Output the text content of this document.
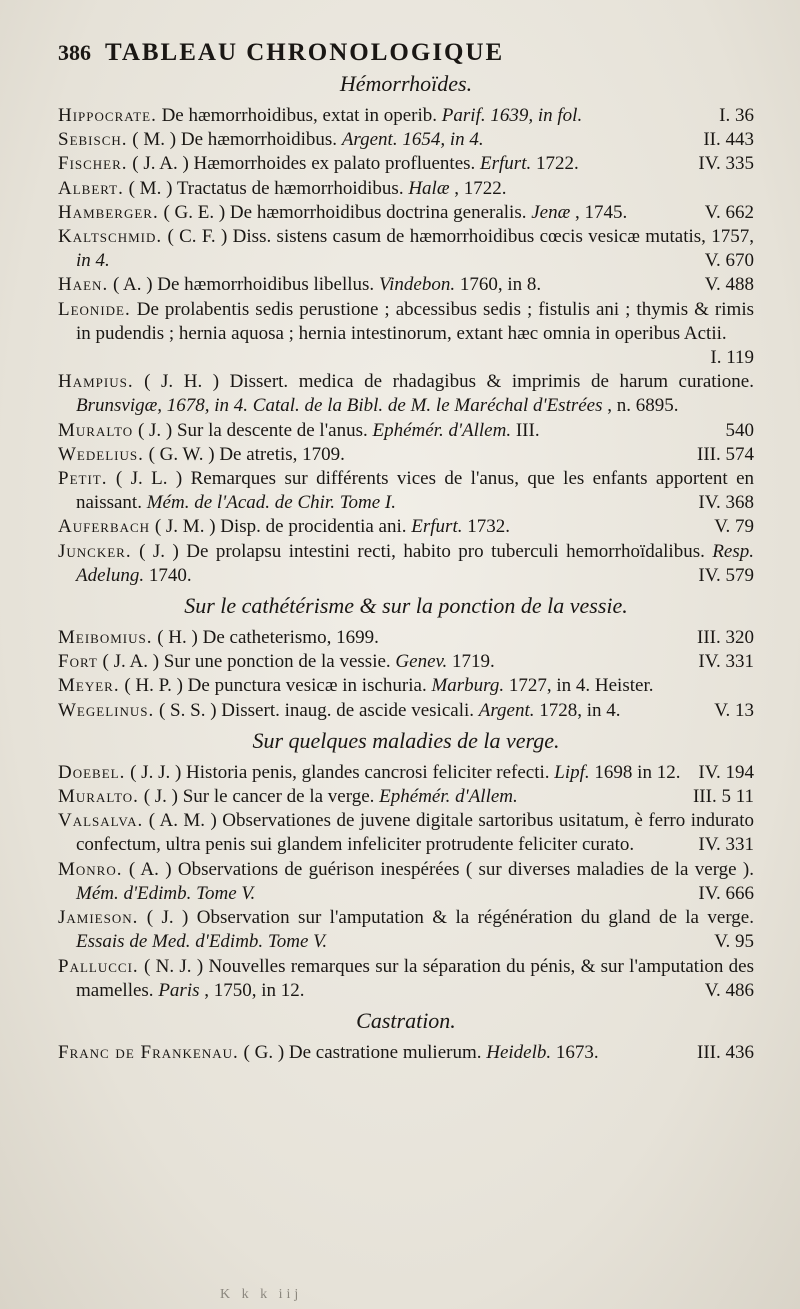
386 TABLEAU CHRONOLOGIQUE
Hémorrhoïdes.
Hippocrate. De hæmorrhoidibus, extat in operib. Parif. 1639, in fol.	I. 36
Sebisch. ( M. ) De hæmorrhoidibus. Argent. 1654, in 4.	II. 443
Fischer. ( J. A. ) Hæmorrhoides ex palato profluentes. Erfurt. 1722.	IV. 335
Albert. ( M. ) Tractatus de hæmorrhoidibus. Halæ , 1722.
Hamberger. ( G. E. ) De hæmorrhoidibus doctrina generalis. Jenæ , 1745.	V. 662
Kaltschmid. ( C. F. ) Diss. sistens casum de hæmorrhoidibus cœcis vesicæ mutatis, 1757, in 4.	V. 670
Haen. ( A. ) De hæmorrhoidibus libellus. Vindebon. 1760, in 8.	V. 488
Leonide. De prolabentis sedis perustione ; abcessibus sedis ; fistulis ani ; thymis & rimis in pudendis ; hernia aquosa ; hernia intestinorum, extant hæc omnia in operibus Actii.
I. 119
Hampius. ( J. H. ) Dissert. medica de rhadagibus & imprimis de harum curatione. Brunsvigæ, 1678, in 4. Catal. de la Bibl. de M. le Maréchal d'Estrées , n. 6895.
Muralto ( J. ) Sur la descente de l'anus. Ephémér. d'Allem. III.	540
Wedelius. ( G. W. ) De atretis, 1709.	III. 574
Petit. ( J. L. ) Remarques sur différents vices de l'anus, que les enfants apportent en naissant. Mém. de l'Acad. de Chir. Tome I.	IV. 368
Auferbach ( J. M. ) Disp. de procidentia ani. Erfurt. 1732.	V. 79
Juncker. ( J. ) De prolapsu intestini recti, habito pro tuberculi hemorrhoïdalibus. Resp. Adelung. 1740.	IV. 579
Sur le cathétérisme & sur la ponction de la vessie.
Meibomius. ( H. ) De catheterismo, 1699.	III. 320
Fort ( J. A. ) Sur une ponction de la vessie. Genev. 1719.	IV. 331
Meyer. ( H. P. ) De punctura vesicæ in ischuria. Marburg. 1727, in 4. Heister.
Wegelinus. ( S. S. ) Dissert. inaug. de ascide vesicali. Argent. 1728, in 4.	V. 13
Sur quelques maladies de la verge.
Doebel. ( J. J. ) Historia penis, glandes cancrosi feliciter refecti. Lipf. 1698 in 12. IV. 194
Muralto. ( J. ) Sur le cancer de la verge. Ephémér. d'Allem.	III. 5 11
Valsalva. ( A. M. ) Observationes de juvene digitale sartoribus usitatum, è ferro indurato confectum, ultra penis sui glandem infeliciter protrudente feliciter curato.	IV. 331
Monro. ( A. ) Observations de guérison inespérées ( sur diverses maladies de la verge ). Mém. d'Edimb. Tome V.	IV. 666
Jamieson. ( J. ) Observation sur l'amputation & la régénération du gland de la verge. Essais de Med. d'Edimb. Tome V.	V. 95
Pallucci. ( N. J. ) Nouvelles remarques sur la séparation du pénis, & sur l'amputation des mamelles. Paris , 1750, in 12.	V. 486
Castration.
Franc de Frankenau. ( G. ) De castratione mulierum. Heidelb. 1673.	III. 436
K k k iij
